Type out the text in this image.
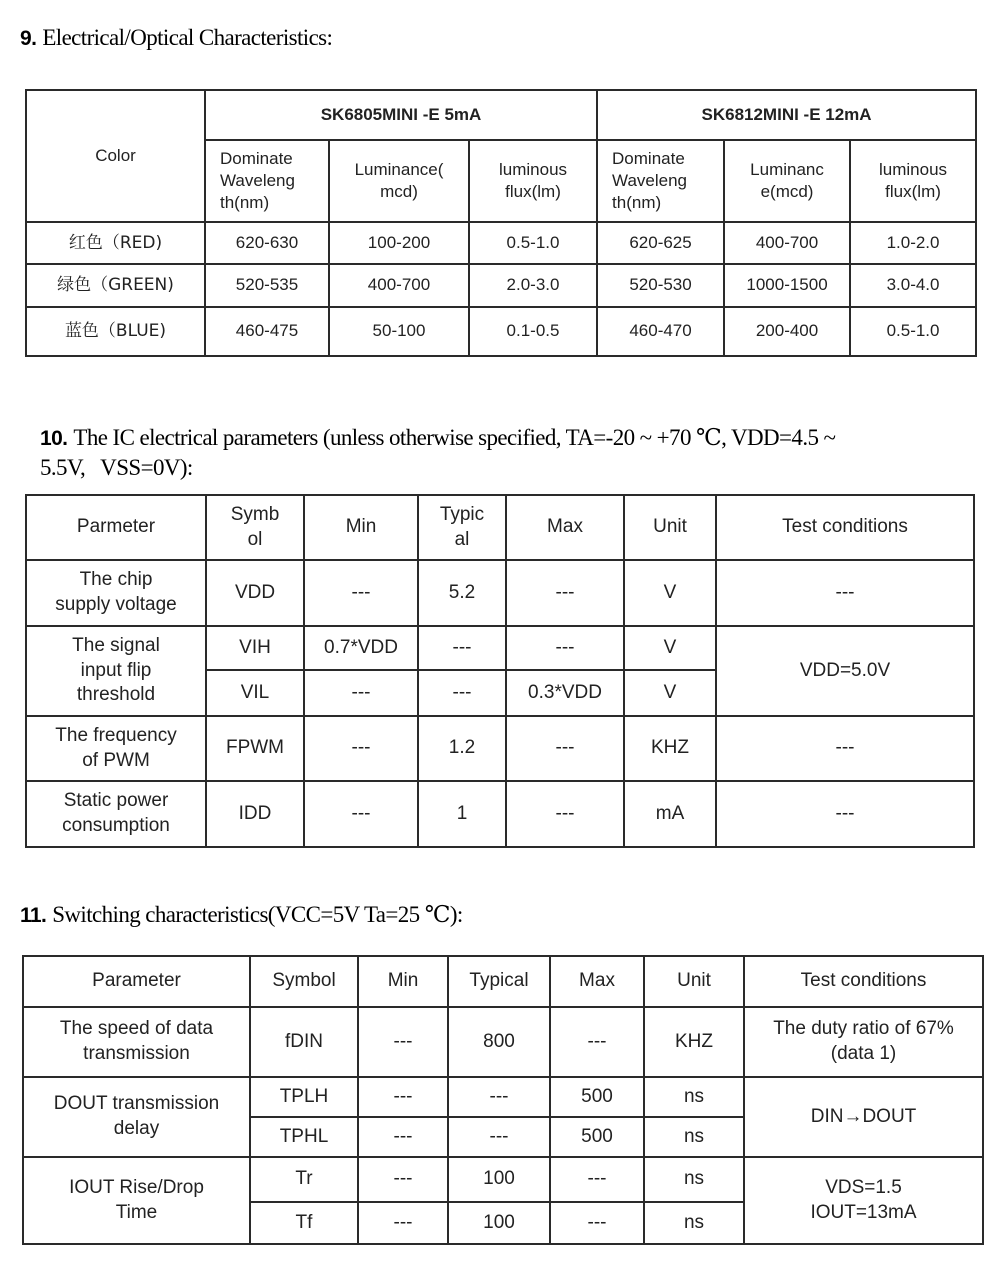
9. Electrical/Optical Characteristics:
Color	SK6805MINI -E 5mA			SK6812MINI -E 12mA		
	Dominate
Waveleng
th(nm)	Luminance(
mcd)	luminous
flux(lm)	Dominate
Waveleng
th(nm)	Luminanc
e(mcd)	luminous
flux(lm)
红色（RED)	620-630	100-200	0.5-1.0	620-625	400-700	1.0-2.0
绿色（GREEN)	520-535	400-700	2.0-3.0	520-530	1000-1500	3.0-4.0
蓝色（BLUE)	460-475	50-100	0.1-0.5	460-470	200-400	0.5-1.0
10. The IC electrical parameters (unless otherwise specified, TA=-20 ~ +70 ℃, VDD=4.5 ~
5.5V,   VSS=0V):
Parmeter	Symb
ol	Min	Typic
al	Max	Unit	Test conditions
The chip
supply voltage	VDD	---	5.2	---	V	---
The signal
input flip
threshold	VIH	0.7*VDD	---	---	V	VDD=5.0V
	VIL	---	---	0.3*VDD	V	
The frequency
of PWM	FPWM	---	1.2	---	KHZ	---
Static power
consumption	IDD	---	1	---	mA	---
11. Switching characteristics(VCC=5V Ta=25 ℃):
Parameter	Symbol	Min	Typical	Max	Unit	Test conditions
The speed of data
transmission	fDIN	---	800	---	KHZ	The duty ratio of 67%
(data 1)
DOUT transmission
delay	TPLH	---	---	500	ns	DIN→DOUT
	TPHL	---	---	500	ns	
IOUT Rise/Drop
Time	Tr	---	100	---	ns	VDS=1.5
IOUT=13mA
	Tf	---	100	---	ns	
